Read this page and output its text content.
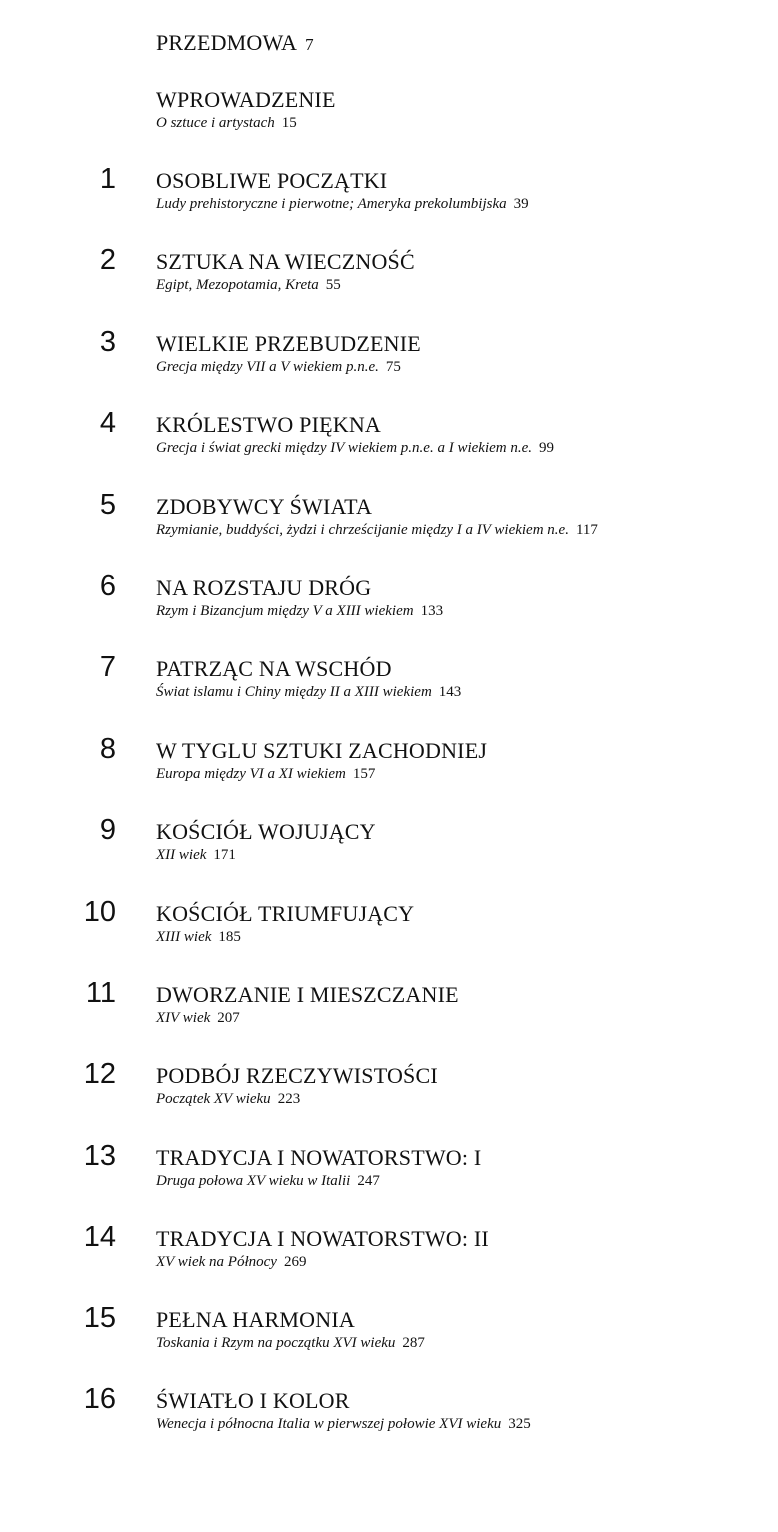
PRZEDMOWA 7
WPROWADZENIE
O sztuce i artystach 15
1 OSOBLIWE POCZĄTKI
Ludy prehistoryczne i pierwotne; Ameryka prekolumbijska 39
2 SZTUKA NA WIECZNOŚĆ
Egipt, Mezopotamia, Kreta 55
3 WIELKIE PRZEBUDZENIE
Grecja między VII a V wiekiem p.n.e. 75
4 KRÓLESTWO PIĘKNA
Grecja i świat grecki między IV wiekiem p.n.e. a I wiekiem n.e. 99
5 ZDOBYWCY ŚWIATA
Rzymianie, buddyści, żydzi i chrześcijanie między I a IV wiekiem n.e. 117
6 NA ROZSTAJU DRÓG
Rzym i Bizancjum między V a XIII wiekiem 133
7 PATRZĄC NA WSCHÓD
Świat islamu i Chiny między II a XIII wiekiem 143
8 W TYGLU SZTUKI ZACHODNIEJ
Europa między VI a XI wiekiem 157
9 KOŚCIÓŁ WOJUJĄCY
XII wiek 171
10 KOŚCIÓŁ TRIUMFUJĄCY
XIII wiek 185
11 DWORZANIE I MIESZCZANIE
XIV wiek 207
12 PODBÓJ RZECZYWISTOŚCI
Początek XV wieku 223
13 TRADYCJA I NOWATORSTWO: I
Druga połowa XV wieku w Italii 247
14 TRADYCJA I NOWATORSTWO: II
XV wiek na Północy 269
15 PEŁNA HARMONIA
Toskania i Rzym na początku XVI wieku 287
16 ŚWIATŁO I KOLOR
Wenecja i północna Italia w pierwszej połowie XVI wieku 325
